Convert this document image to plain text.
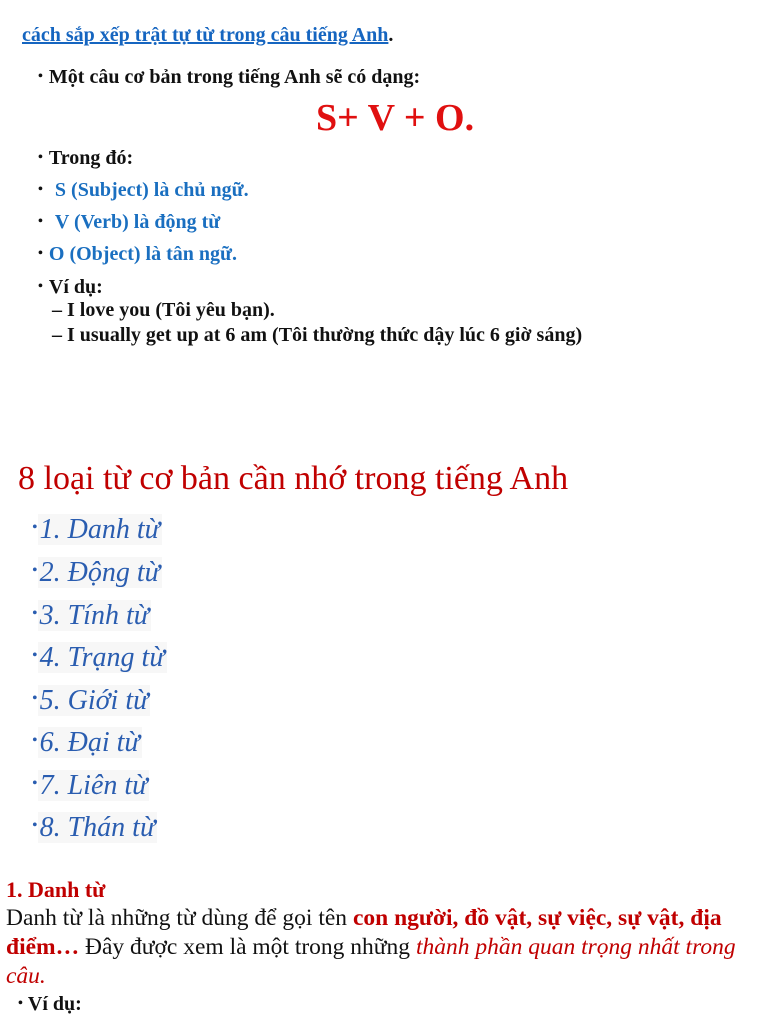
cách sắp xếp trật tự từ trong câu tiếng Anh.
• Một câu cơ bản trong tiếng Anh sẽ có dạng:
S+ V + O.
• Trong đó:
• S (Subject) là chủ ngữ.
• V (Verb) là động từ
• O (Object) là tân ngữ.
• Ví dụ:
– I love you (Tôi yêu bạn).
– I usually get up at 6 am (Tôi thường thức dậy lúc 6 giờ sáng)
8 loại từ cơ bản cần nhớ trong tiếng Anh
•1. Danh từ
•2. Động từ
•3. Tính từ
•4. Trạng từ
•5. Giới từ
•6. Đại từ
•7. Liên từ
•8. Thán từ
1. Danh từ
Danh từ là những từ dùng để gọi tên con người, đồ vật, sự việc, sự vật, địa điểm… Đây được xem là một trong những thành phần quan trọng nhất trong câu.
• Ví dụ:
